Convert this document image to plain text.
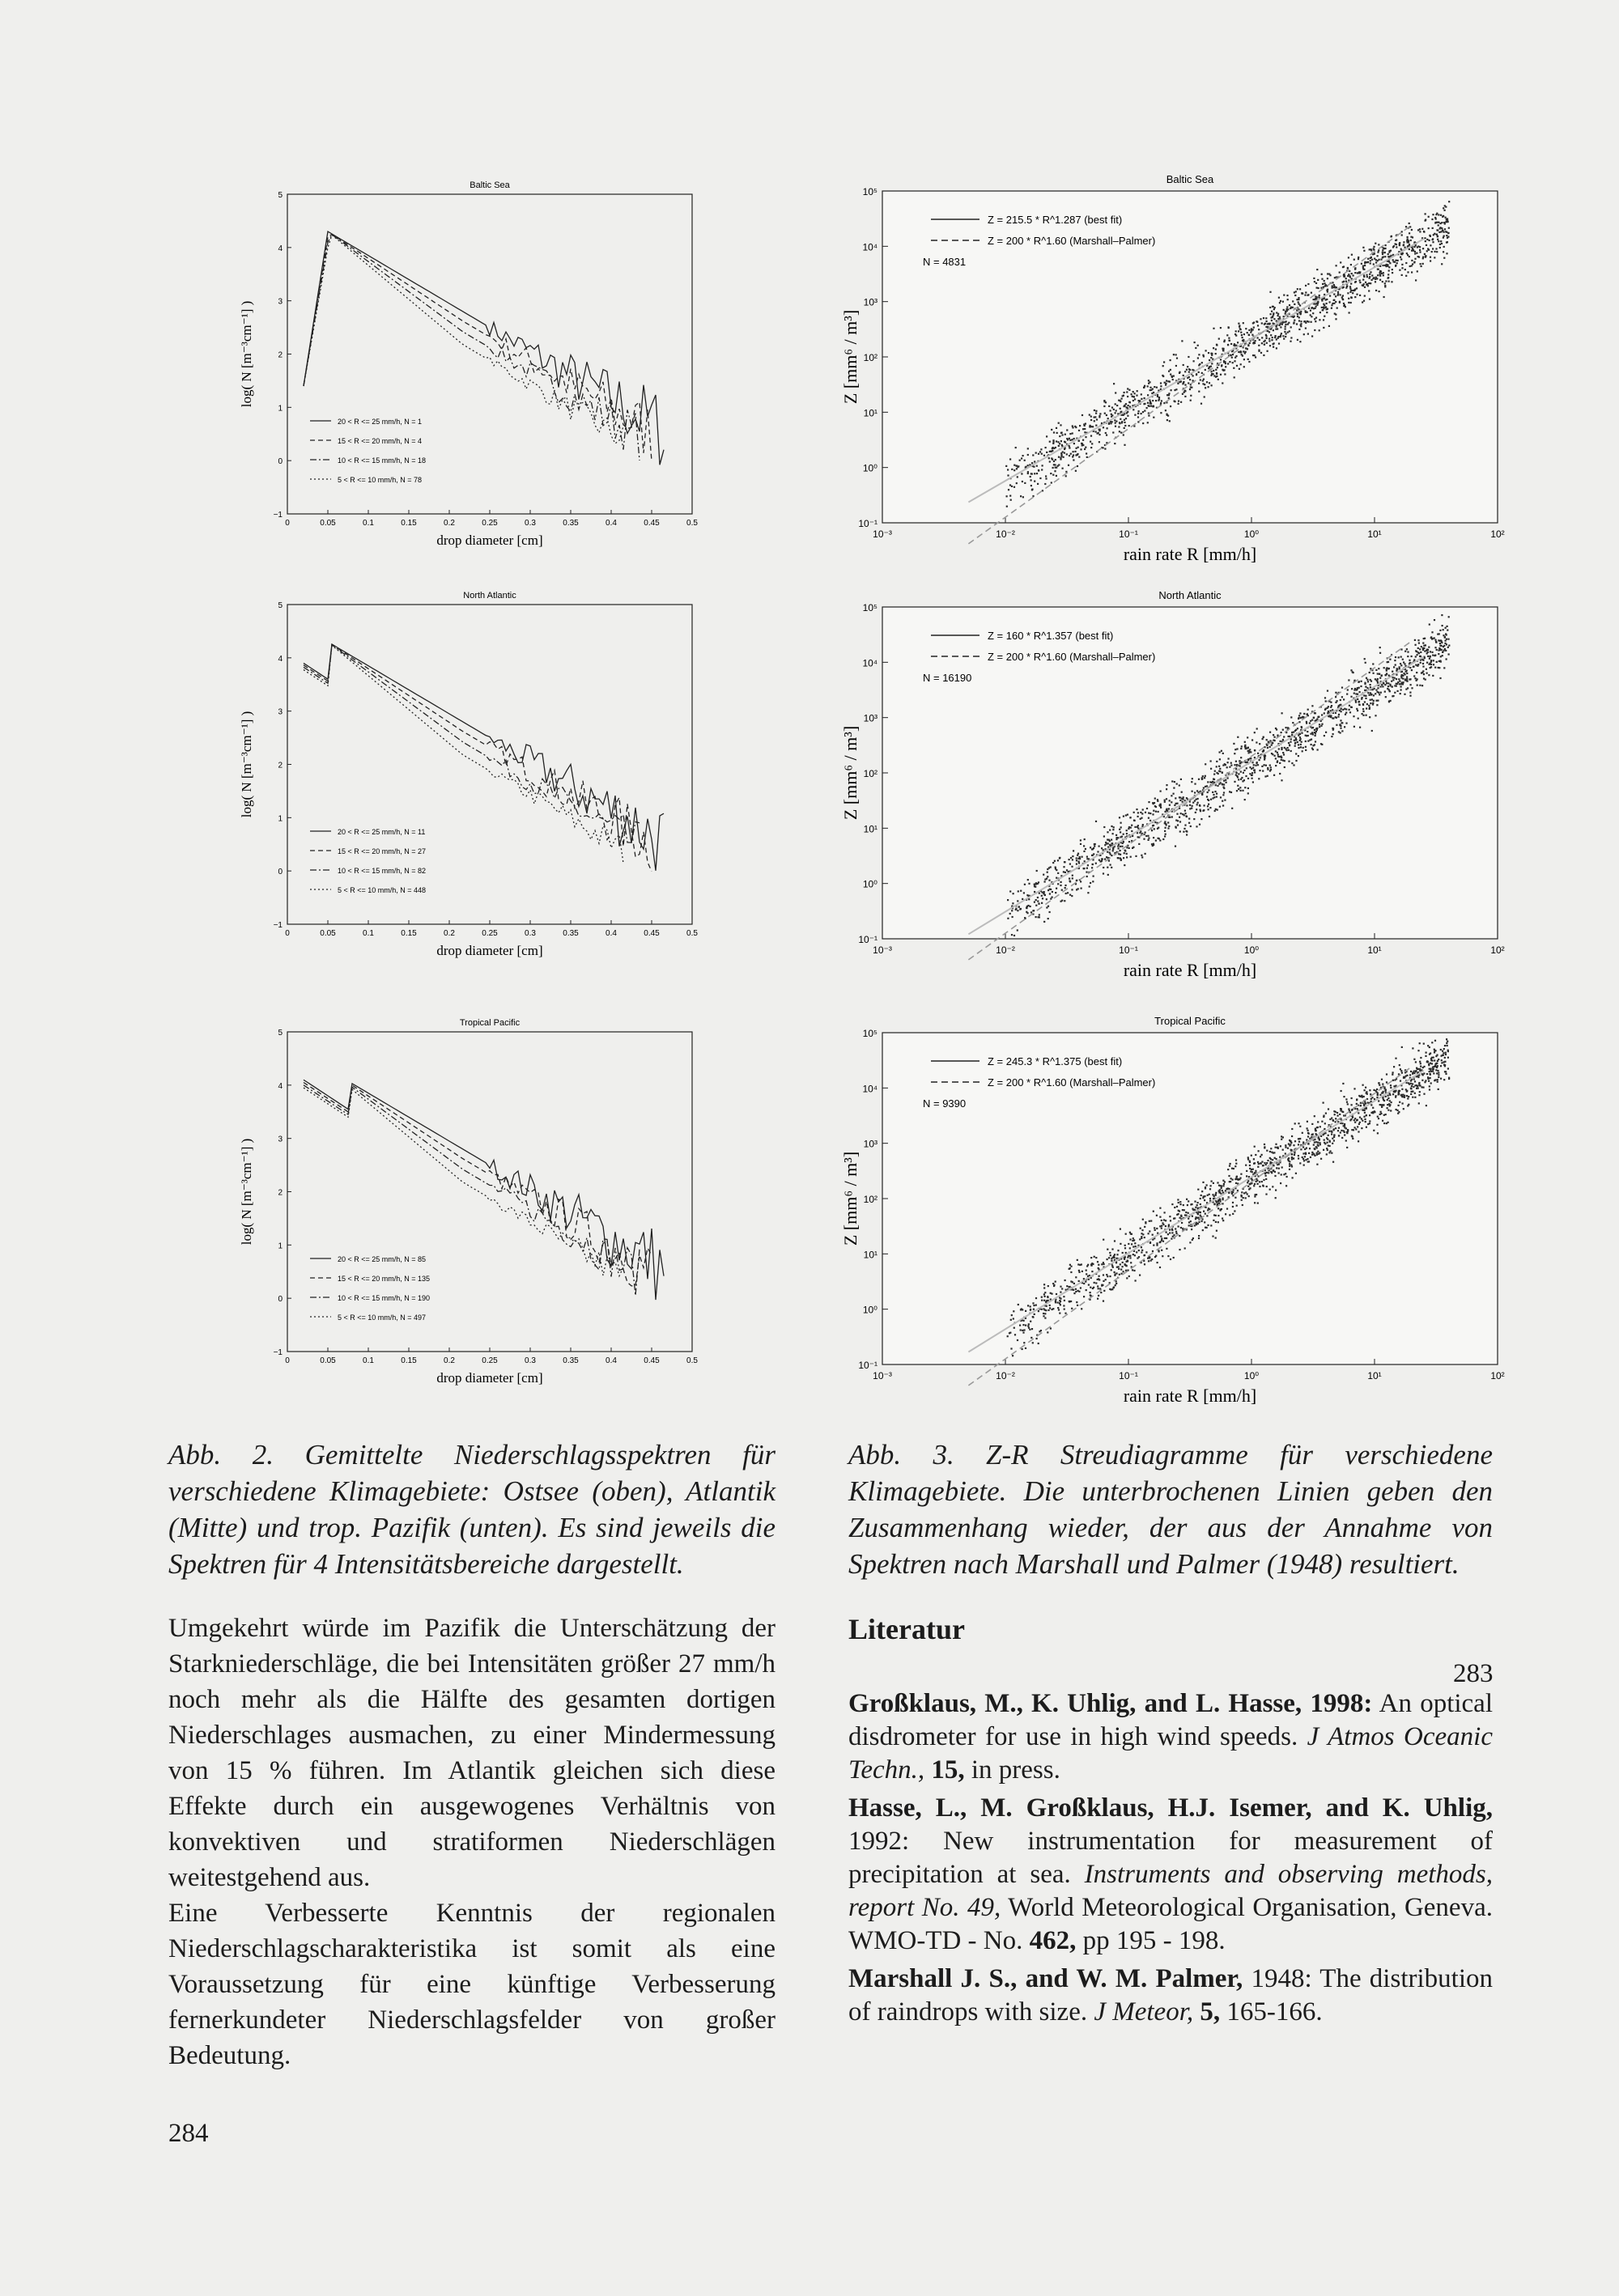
Baltic Sea
0	0.05	0.1	0.15	0.2	0.25	0.3	0.35	0.4	0.45	0.5
−1
0
1
2
3
4
5
drop diameter [cm]
log( N [m⁻³cm⁻¹] )
20 < R <= 25 mm/h, N = 1
15 < R <= 20 mm/h, N = 4
10 < R <= 15 mm/h, N = 18
5 < R <= 10 mm/h, N = 78
North Atlantic
0	0.05	0.1	0.15	0.2	0.25	0.3	0.35	0.4	0.45	0.5
−1
0
1
2
3
4
5
drop diameter [cm]
log( N [m⁻³cm⁻¹] )
20 < R <= 25 mm/h, N = 11
15 < R <= 20 mm/h, N = 27
10 < R <= 15 mm/h, N = 82
5 < R <= 10 mm/h, N = 448
Tropical Pacific
0	0.05	0.1	0.15	0.2	0.25	0.3	0.35	0.4	0.45	0.5
−1
0
1
2
3
4
5
drop diameter [cm]
log( N [m⁻³cm⁻¹] )
20 < R <= 25 mm/h, N = 85
15 < R <= 20 mm/h, N = 135
10 < R <= 15 mm/h, N = 190
5 < R <= 10 mm/h, N = 497
Baltic Sea
10⁻³	10⁻²	10⁻¹	10⁰	10¹	10²
10⁻¹
10⁰
10¹
10²
10³
10⁴
10⁵
rain rate R [mm/h]
Z [mm⁶ / m³]
Z = 215.5 * R^1.287 (best fit)
Z = 200 * R^1.60 (Marshall–Palmer)
N = 4831
North Atlantic
10⁻³	10⁻²	10⁻¹	10⁰	10¹	10²
10⁻¹
10⁰
10¹
10²
10³
10⁴
10⁵
rain rate R [mm/h]
Z [mm⁶ / m³]
Z = 160 * R^1.357 (best fit)
Z = 200 * R^1.60 (Marshall–Palmer)
N = 16190
Tropical Pacific
10⁻³	10⁻²	10⁻¹	10⁰	10¹	10²
10⁻¹
10⁰
10¹
10²
10³
10⁴
10⁵
rain rate R [mm/h]
Z [mm⁶ / m³]
Z = 245.3 * R^1.375 (best fit)
Z = 200 * R^1.60 (Marshall–Palmer)
N = 9390
Abb. 2. Gemittelte Niederschlagsspektren für verschiedene Klimagebiete: Ostsee (oben), Atlantik (Mitte) und trop. Pazifik (unten). Es sind jeweils die Spektren für 4 Intensitätsbereiche dargestellt.
Abb. 3. Z-R Streudiagramme für verschiedene Klimagebiete. Die unterbrochenen Linien geben den Zusammenhang wieder, der aus der Annahme von Spektren nach Marshall und Palmer (1948) resultiert.

Umgekehrt würde im Pazifik die Unterschätzung der Starkniederschläge, die bei Intensitäten größer 27 mm/h noch mehr als die Hälfte des gesamten dortigen Niederschlages ausmachen, zu einer Mindermessung von 15 % führen. Im Atlantik gleichen sich diese Effekte durch ein ausgewogenes Verhältnis von konvektiven und stratiformen Niederschlägen weitestgehend aus.

Eine Verbesserte Kenntnis der regionalen Niederschlagscharakteristika ist somit als eine Voraussetzung für eine künftige Verbesserung fernerkundeter Niederschlagsfelder von großer Bedeutung.

Literatur
283

Großklaus, M., K. Uhlig, and L. Hasse, 1998: An optical disdrometer for use in high wind speeds. J Atmos Oceanic Techn., 15, in press.

Hasse, L., M. Großklaus, H.J. Isemer, and K. Uhlig, 1992: New instrumentation for measurement of precipitation at sea. Instruments and observing methods, report No. 49, World Meteorological Organisation, Geneva. WMO-TD - No. 462, pp 195 - 198.

Marshall J. S., and W. M. Palmer, 1948: The distribution of raindrops with size. J Meteor, 5, 165-166.

284
